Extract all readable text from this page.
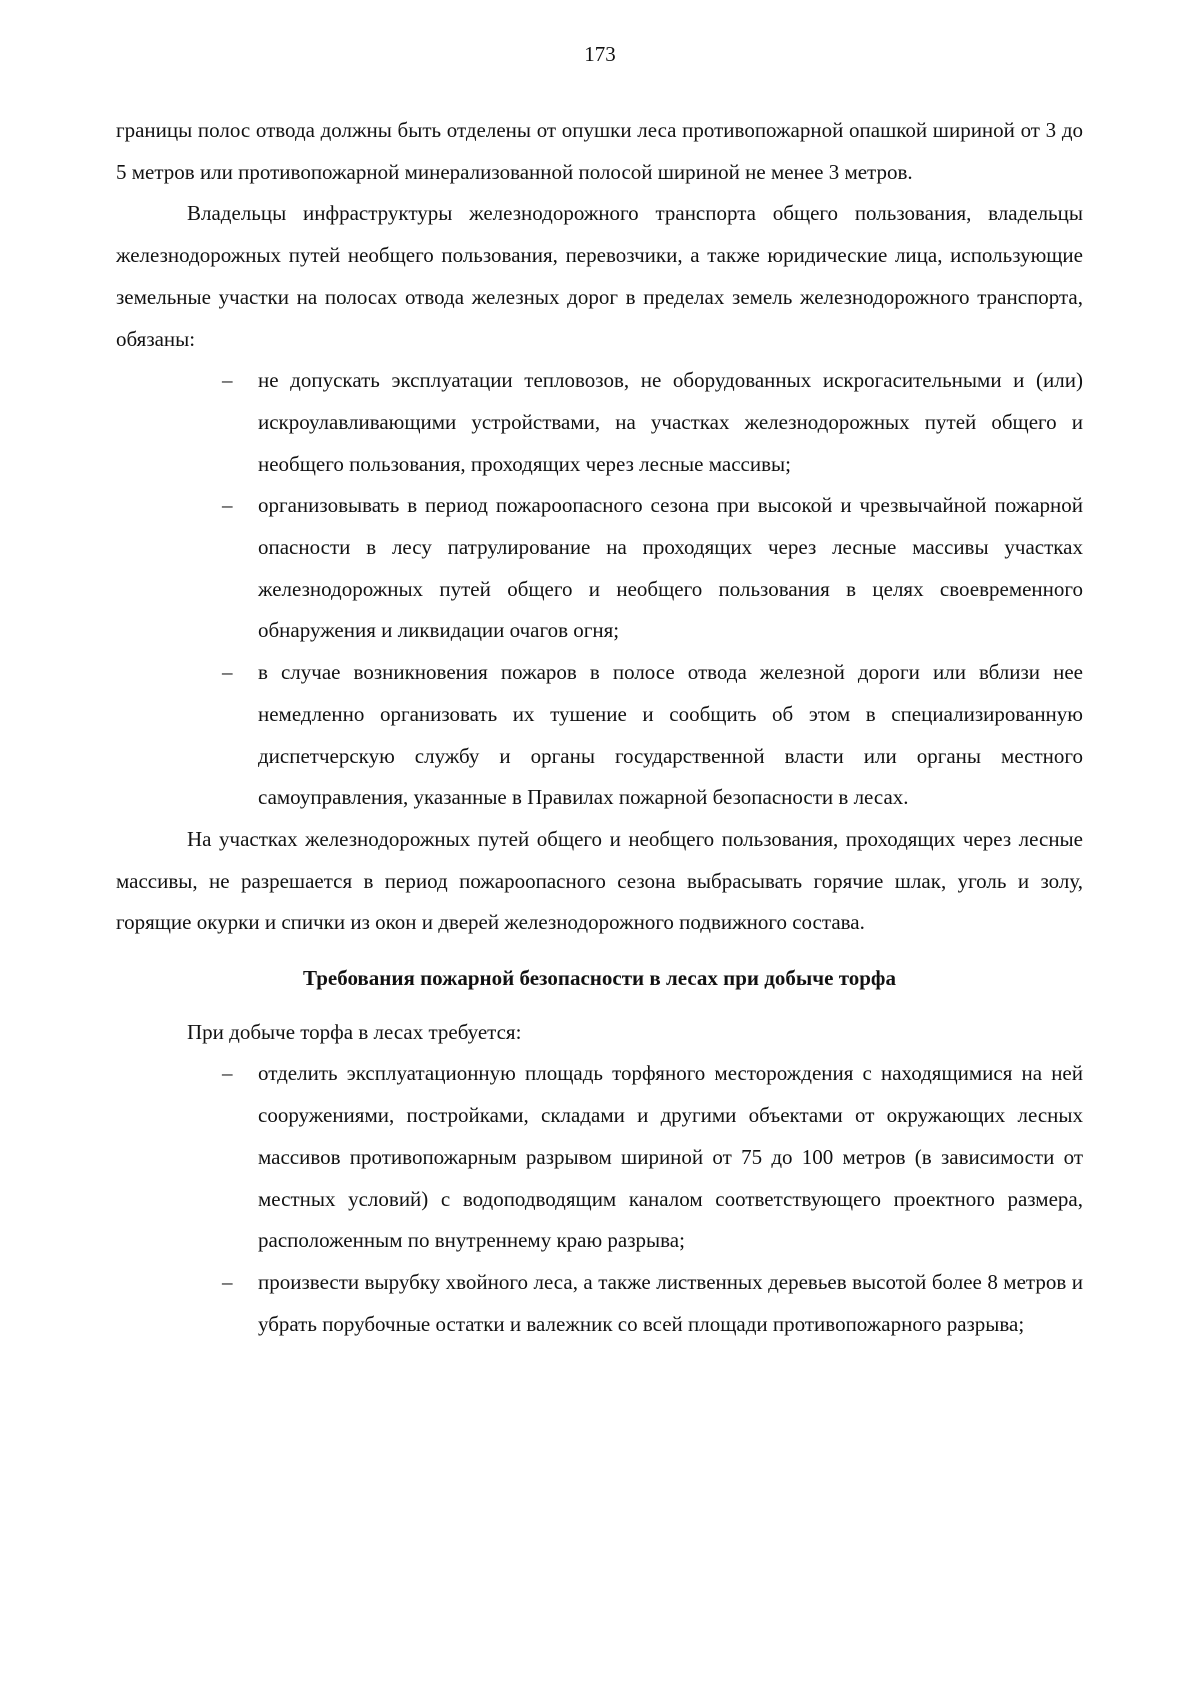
173

границы полос отвода должны быть отделены от опушки леса противопожарной опашкой шириной от 3 до 5 метров или противопожарной минерализованной полосой шириной не менее 3 метров.

Владельцы инфраструктуры железнодорожного транспорта общего пользования, владельцы железнодорожных путей необщего пользования, перевозчики, а также юридические лица, использующие земельные участки на полосах отвода железных дорог в пределах земель железнодорожного транспорта, обязаны:

– не допускать эксплуатации тепловозов, не оборудованных искрогасительными и (или) искроулавливающими устройствами, на участках железнодорожных путей общего и необщего пользования, проходящих через лесные массивы;
– организовывать в период пожароопасного сезона при высокой и чрезвычайной пожарной опасности в лесу патрулирование на проходящих через лесные массивы участках железнодорожных путей общего и необщего пользования в целях своевременного обнаружения и ликвидации очагов огня;
– в случае возникновения пожаров в полосе отвода железной дороги или вблизи нее немедленно организовать их тушение и сообщить об этом в специализированную диспетчерскую службу и органы государственной власти или органы местного самоуправления, указанные в Правилах пожарной безопасности в лесах.

На участках железнодорожных путей общего и необщего пользования, проходящих через лесные массивы, не разрешается в период пожароопасного сезона выбрасывать горячие шлак, уголь и золу, горящие окурки и спички из окон и дверей железнодорожного подвижного состава.

Требования пожарной безопасности в лесах при добыче торфа

При добыче торфа в лесах требуется:

– отделить эксплуатационную площадь торфяного месторождения с находящимися на ней сооружениями, постройками, складами и другими объектами от окружающих лесных массивов противопожарным разрывом шириной от 75 до 100 метров (в зависимости от местных условий) с водоподводящим каналом соответствующего проектного размера, расположенным по внутреннему краю разрыва;
– произвести вырубку хвойного леса, а также лиственных деревьев высотой более 8 метров и убрать порубочные остатки и валежник со всей площади противопожарного разрыва;
